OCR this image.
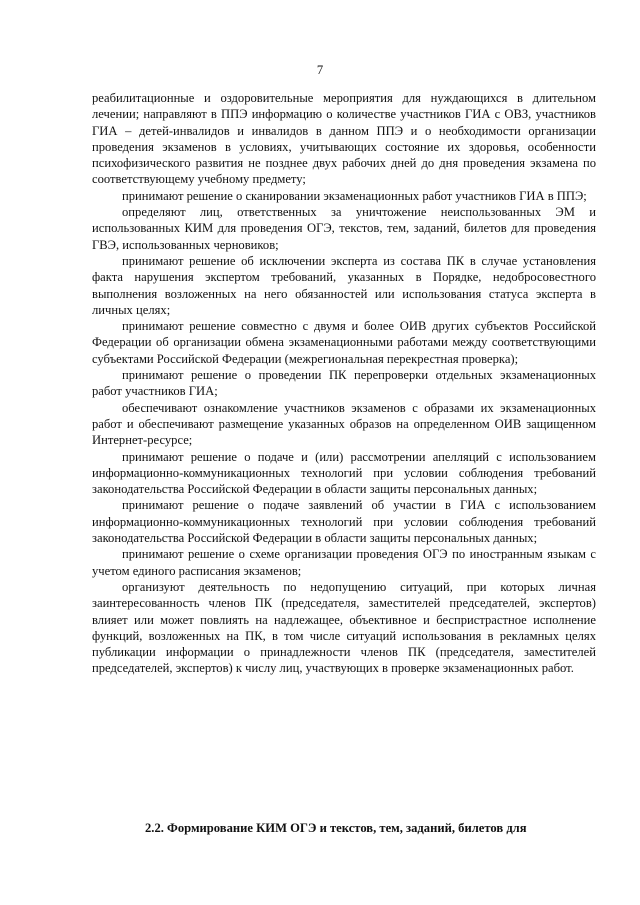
7

реабилитационные и оздоровительные мероприятия для нуждающихся в длительном лечении; направляют в ППЭ информацию о количестве участников ГИА с ОВЗ, участников ГИА – детей-инвалидов и инвалидов в данном ППЭ и о необходимости организации проведения экзаменов в условиях, учитывающих состояние их здоровья, особенности психофизического развития не позднее двух рабочих дней до дня проведения экзамена по соответствующему учебному предмету;

принимают решение о сканировании экзаменационных работ участников ГИА в ППЭ;

определяют лиц, ответственных за уничтожение неиспользованных ЭМ и использованных КИМ для проведения ОГЭ, текстов, тем, заданий, билетов для проведения ГВЭ, использованных черновиков;

принимают решение об исключении эксперта из состава ПК в случае установления факта нарушения экспертом требований, указанных в Порядке, недобросовестного выполнения возложенных на него обязанностей или использования статуса эксперта в личных целях;

принимают решение совместно с двумя и более ОИВ других субъектов Российской Федерации об организации обмена экзаменационными работами между соответствующими субъектами Российской Федерации (межрегиональная перекрестная проверка);

принимают решение о проведении ПК перепроверки отдельных экзаменационных работ участников ГИА;

обеспечивают ознакомление участников экзаменов с образами их экзаменационных работ и обеспечивают размещение указанных образов на определенном ОИВ защищенном Интернет-ресурсе;

принимают решение о подаче и (или) рассмотрении апелляций с использованием информационно-коммуникационных технологий при условии соблюдения требований законодательства Российской Федерации в области защиты персональных данных;

принимают решение о подаче заявлений об участии в ГИА с использованием информационно-коммуникационных технологий при условии соблюдения требований законодательства Российской Федерации в области защиты персональных данных;

принимают решение о схеме организации проведения ОГЭ по иностранным языкам с учетом единого расписания экзаменов;

организуют деятельность по недопущению ситуаций, при которых личная заинтересованность членов ПК (председателя, заместителей председателей, экспертов) влияет или может повлиять на надлежащее, объективное и беспристрастное исполнение функций, возложенных на ПК, в том числе ситуаций использования в рекламных целях публикации информации о принадлежности членов ПК (председателя, заместителей председателей, экспертов) к числу лиц, участвующих в проверке экзаменационных работ.

2.2. Формирование КИМ ОГЭ и текстов, тем, заданий, билетов для
